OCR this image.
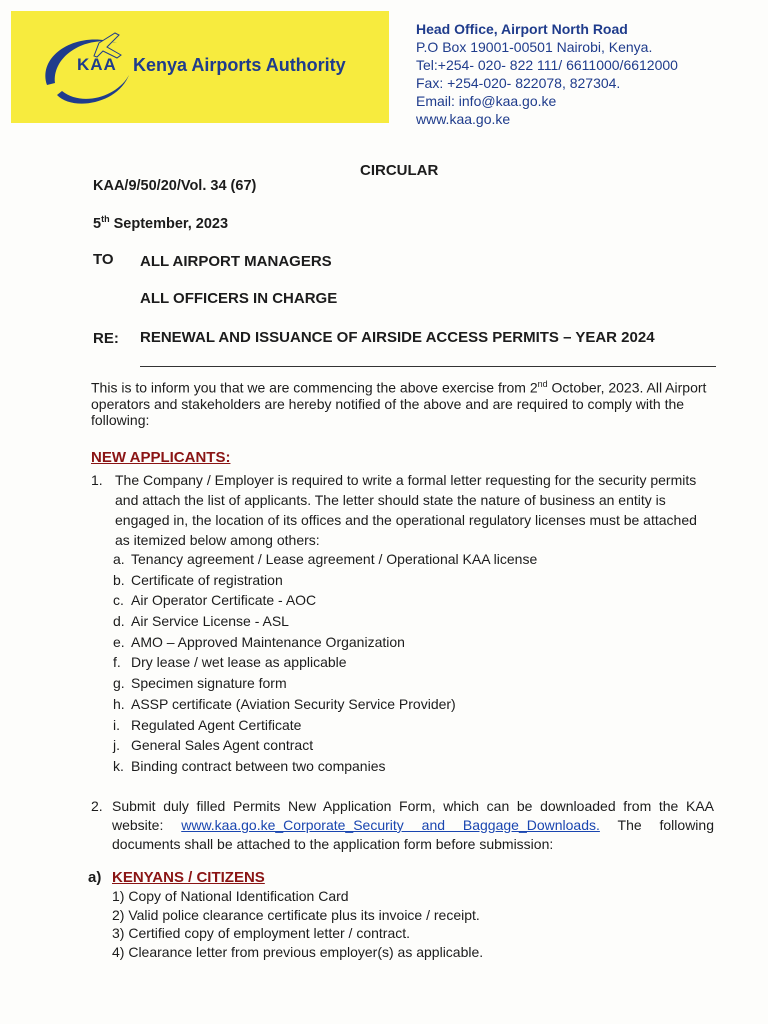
KAA Kenya Airports Authority
Head Office, Airport North Road
P.O Box 19001-00501 Nairobi, Kenya.
Tel:+254- 020- 822 111/ 6611000/6612000
Fax: +254-020- 822078, 827304.
Email: info@kaa.go.ke
www.kaa.go.ke
CIRCULAR
KAA/9/50/20/Vol. 34 (67)
5th September, 2023
TO ALL AIRPORT MANAGERS
ALL OFFICERS IN CHARGE
RE: RENEWAL AND ISSUANCE OF AIRSIDE ACCESS PERMITS – YEAR 2024
This is to inform you that we are commencing the above exercise from 2nd October, 2023. All Airport operators and stakeholders are hereby notified of the above and are required to comply with the following:
NEW APPLICANTS:
1. The Company / Employer is required to write a formal letter requesting for the security permits and attach the list of applicants. The letter should state the nature of business an entity is engaged in, the location of its offices and the operational regulatory licenses must be attached as itemized below among others:
a. Tenancy agreement / Lease agreement / Operational KAA license
b. Certificate of registration
c. Air Operator Certificate - AOC
d. Air Service License - ASL
e. AMO – Approved Maintenance Organization
f. Dry lease / wet lease as applicable
g. Specimen signature form
h. ASSP certificate (Aviation Security Service Provider)
i. Regulated Agent Certificate
j. General Sales Agent contract
k. Binding contract between two companies
2. Submit duly filled Permits New Application Form, which can be downloaded from the KAA website: www.kaa.go.ke_Corporate_Security and Baggage_Downloads. The following documents shall be attached to the application form before submission:
a) KENYANS / CITIZENS
1) Copy of National Identification Card
2) Valid police clearance certificate plus its invoice / receipt.
3) Certified copy of employment letter / contract.
4) Clearance letter from previous employer(s) as applicable.
